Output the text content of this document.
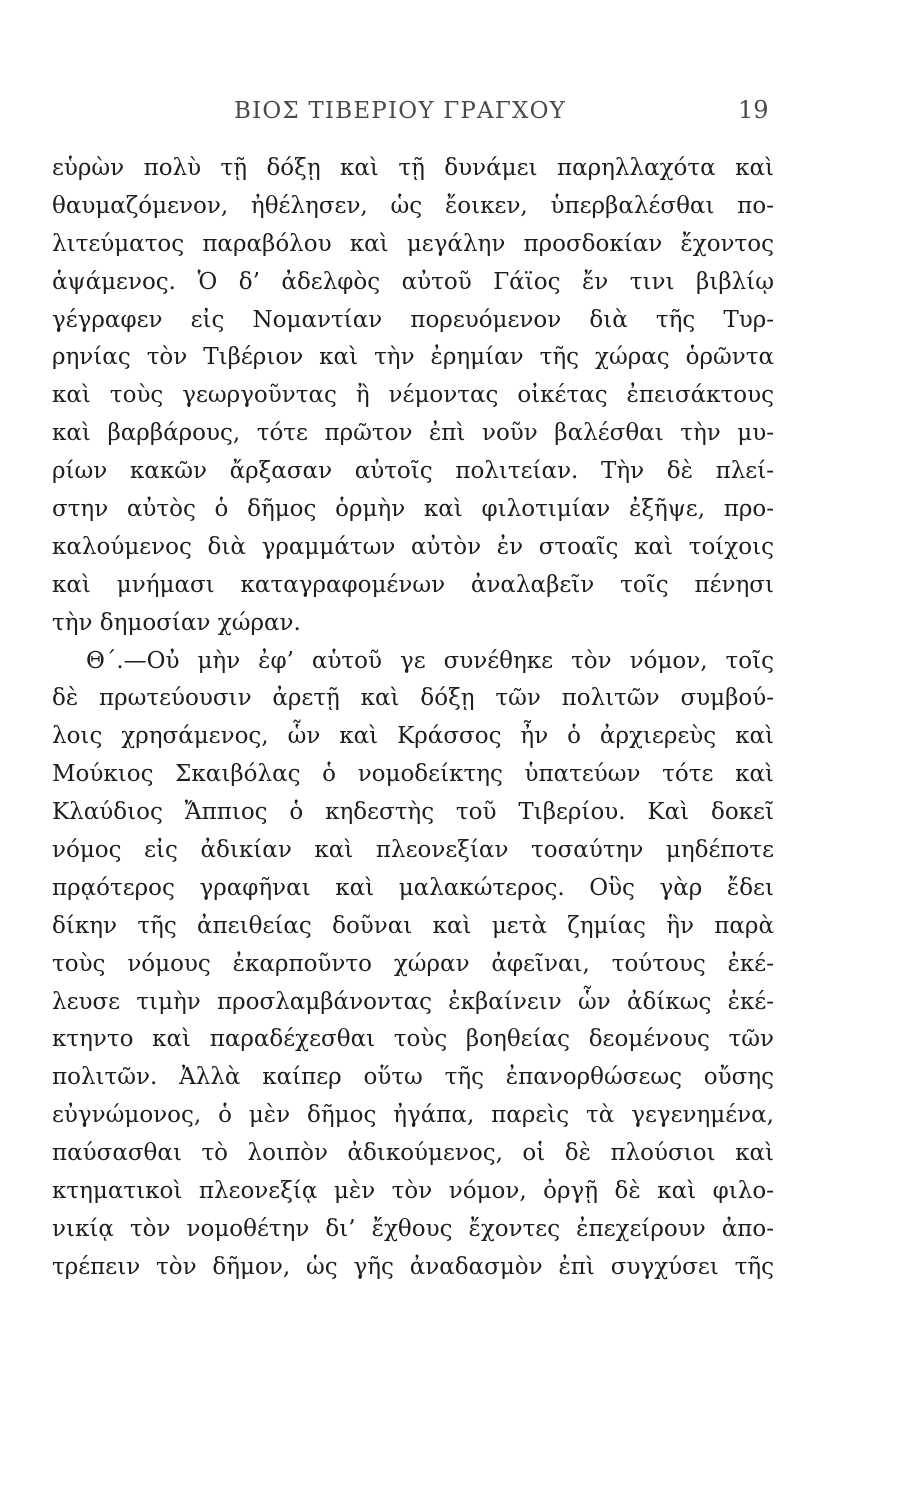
ΒΙΟΣ ΤΙΒΕΡΙΟΥ ΓΡΑΓΧΟΥ	19
εὑρὼν πολὺ τῇ δόξῃ καὶ τῇ δυνάμει παρηλλαχότα καὶ
θαυμαζόμενον, ἠθέλησεν, ὡς ἔοικεν, ὑπερβαλέσθαι πο-
λιτεύματος παραβόλου καὶ μεγάλην προσδοκίαν ἔχοντος
ἁψάμενος. Ὁ δ’ ἀδελφὸς αὐτοῦ Γάϊος ἔν τινι βιβλίῳ
γέγραφεν εἰς Νομαντίαν πορευόμενον διὰ τῆς Τυρ-
ρηνίας τὸν Τιβέριον καὶ τὴν ἐρημίαν τῆς χώρας ὁρῶντα
καὶ τοὺς γεωργοῦντας ἢ νέμοντας οἰκέτας ἐπεισάκτους
καὶ βαρβάρους, τότε πρῶτον ἐπὶ νοῦν βαλέσθαι τὴν μυ-
ρίων κακῶν ἄρξασαν αὐτοῖς πολιτείαν. Τὴν δὲ πλεί-
στην αὐτὸς ὁ δῆμος ὁρμὴν καὶ φιλοτιμίαν ἐξῆψε, προ-
καλούμενος διὰ γραμμάτων αὐτὸν ἐν στοαῖς καὶ τοίχοις
καὶ μνήμασι καταγραφομένων ἀναλαβεῖν τοῖς πένησι
τὴν δημοσίαν χώραν.
Θ΄.—Οὐ μὴν ἐφ’ αὑτοῦ γε συνέθηκε τὸν νόμον, τοῖς
δὲ πρωτεύουσιν ἀρετῇ καὶ δόξῃ τῶν πολιτῶν συμβού-
λοις χρησάμενος, ὧν καὶ Κράσσος ἦν ὁ ἀρχιερεὺς καὶ
Μούκιος Σκαιβόλας ὁ νομοδείκτης ὑπατεύων τότε καὶ
Κλαύδιος Ἄππιος ὁ κηδεστὴς τοῦ Τιβερίου. Καὶ δοκεῖ
νόμος εἰς ἀδικίαν καὶ πλεονεξίαν τοσαύτην μηδέποτε
πρᾳότερος γραφῆναι καὶ μαλακώτερος. Οὓς γὰρ ἔδει
δίκην τῆς ἀπειθείας δοῦναι καὶ μετὰ ζημίας ἣν παρὰ
τοὺς νόμους ἐκαρποῦντο χώραν ἀφεῖναι, τούτους ἐκέ-
λευσε τιμὴν προσλαμβάνοντας ἐκβαίνειν ὧν ἀδίκως ἐκέ-
κτηντο καὶ παραδέχεσθαι τοὺς βοηθείας δεομένους τῶν
πολιτῶν. Ἀλλὰ καίπερ οὕτω τῆς ἐπανορθώσεως οὔσης
εὐγνώμονος, ὁ μὲν δῆμος ἠγάπα, παρεὶς τὰ γεγενημένα,
παύσασθαι τὸ λοιπὸν ἀδικούμενος, οἱ δὲ πλούσιοι καὶ
κτηματικοὶ πλεονεξίᾳ μὲν τὸν νόμον, ὀργῇ δὲ καὶ φιλο-
νικίᾳ τὸν νομοθέτην δι’ ἔχθους ἔχοντες ἐπεχείρουν ἀπο-
τρέπειν τὸν δῆμον, ὡς γῆς ἀναδασμὸν ἐπὶ συγχύσει τῆς
